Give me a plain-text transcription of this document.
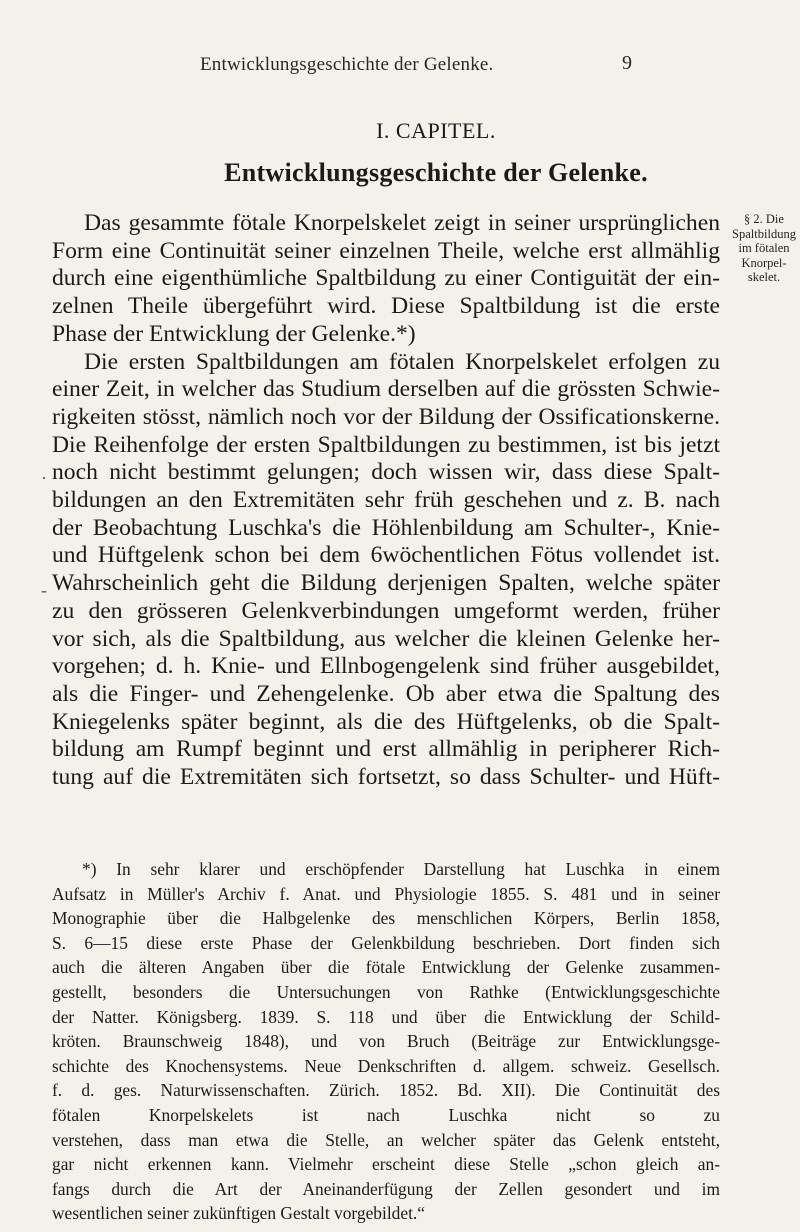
Entwicklungsgeschichte der Gelenke.	9
I. CAPITEL.
Entwicklungsgeschichte der Gelenke.
§ 2. Die
Spaltbildung
im fötalen
Knorpel-
skelet.
·
-
Das gesammte fötale Knorpelskelet zeigt in seiner ursprünglichen
Form eine Continuität seiner einzelnen Theile, welche erst allmählig
durch eine eigenthümliche Spaltbildung zu einer Contiguität der ein-
zelnen Theile übergeführt wird. Diese Spaltbildung ist die erste
Phase der Entwicklung der Gelenke.*)
Die ersten Spaltbildungen am fötalen Knorpelskelet erfolgen zu
einer Zeit, in welcher das Studium derselben auf die grössten Schwie-
rigkeiten stösst, nämlich noch vor der Bildung der Ossificationskerne.
Die Reihenfolge der ersten Spaltbildungen zu bestimmen, ist bis jetzt
noch nicht bestimmt gelungen; doch wissen wir, dass diese Spalt-
bildungen an den Extremitäten sehr früh geschehen und z. B. nach
der Beobachtung Luschka's die Höhlenbildung am Schulter-, Knie-
und Hüftgelenk schon bei dem 6wöchentlichen Fötus vollendet ist.
Wahrscheinlich geht die Bildung derjenigen Spalten, welche später
zu den grösseren Gelenkverbindungen umgeformt werden, früher
vor sich, als die Spaltbildung, aus welcher die kleinen Gelenke her-
vorgehen; d. h. Knie- und Ellnbogengelenk sind früher ausgebildet,
als die Finger- und Zehengelenke. Ob aber etwa die Spaltung des
Kniegelenks später beginnt, als die des Hüftgelenks, ob die Spalt-
bildung am Rumpf beginnt und erst allmählig in peripherer Rich-
tung auf die Extremitäten sich fortsetzt, so dass Schulter- und Hüft-
*) In sehr klarer und erschöpfender Darstellung hat Luschka in einem
Aufsatz in Müller's Archiv f. Anat. und Physiologie 1855. S. 481 und in seiner
Monographie über die Halbgelenke des menschlichen Körpers, Berlin 1858,
S. 6—15 diese erste Phase der Gelenkbildung beschrieben. Dort finden sich
auch die älteren Angaben über die fötale Entwicklung der Gelenke zusammen-
gestellt, besonders die Untersuchungen von Rathke (Entwicklungsgeschichte
der Natter. Königsberg. 1839. S. 118 und über die Entwicklung der Schild-
kröten. Braunschweig 1848), und von Bruch (Beiträge zur Entwicklungsge-
schichte des Knochensystems. Neue Denkschriften d. allgem. schweiz. Gesellsch.
f. d. ges. Naturwissenschaften. Zürich. 1852. Bd. XII). Die Continuität des
fötalen Knorpelskelets ist nach Luschka nicht so zu
verstehen, dass man etwa die Stelle, an welcher später das Gelenk entsteht,
gar nicht erkennen kann. Vielmehr erscheint diese Stelle „schon gleich an-
fangs durch die Art der Aneinanderfügung der Zellen gesondert und im
wesentlichen seiner zukünftigen Gestalt vorgebildet.“
